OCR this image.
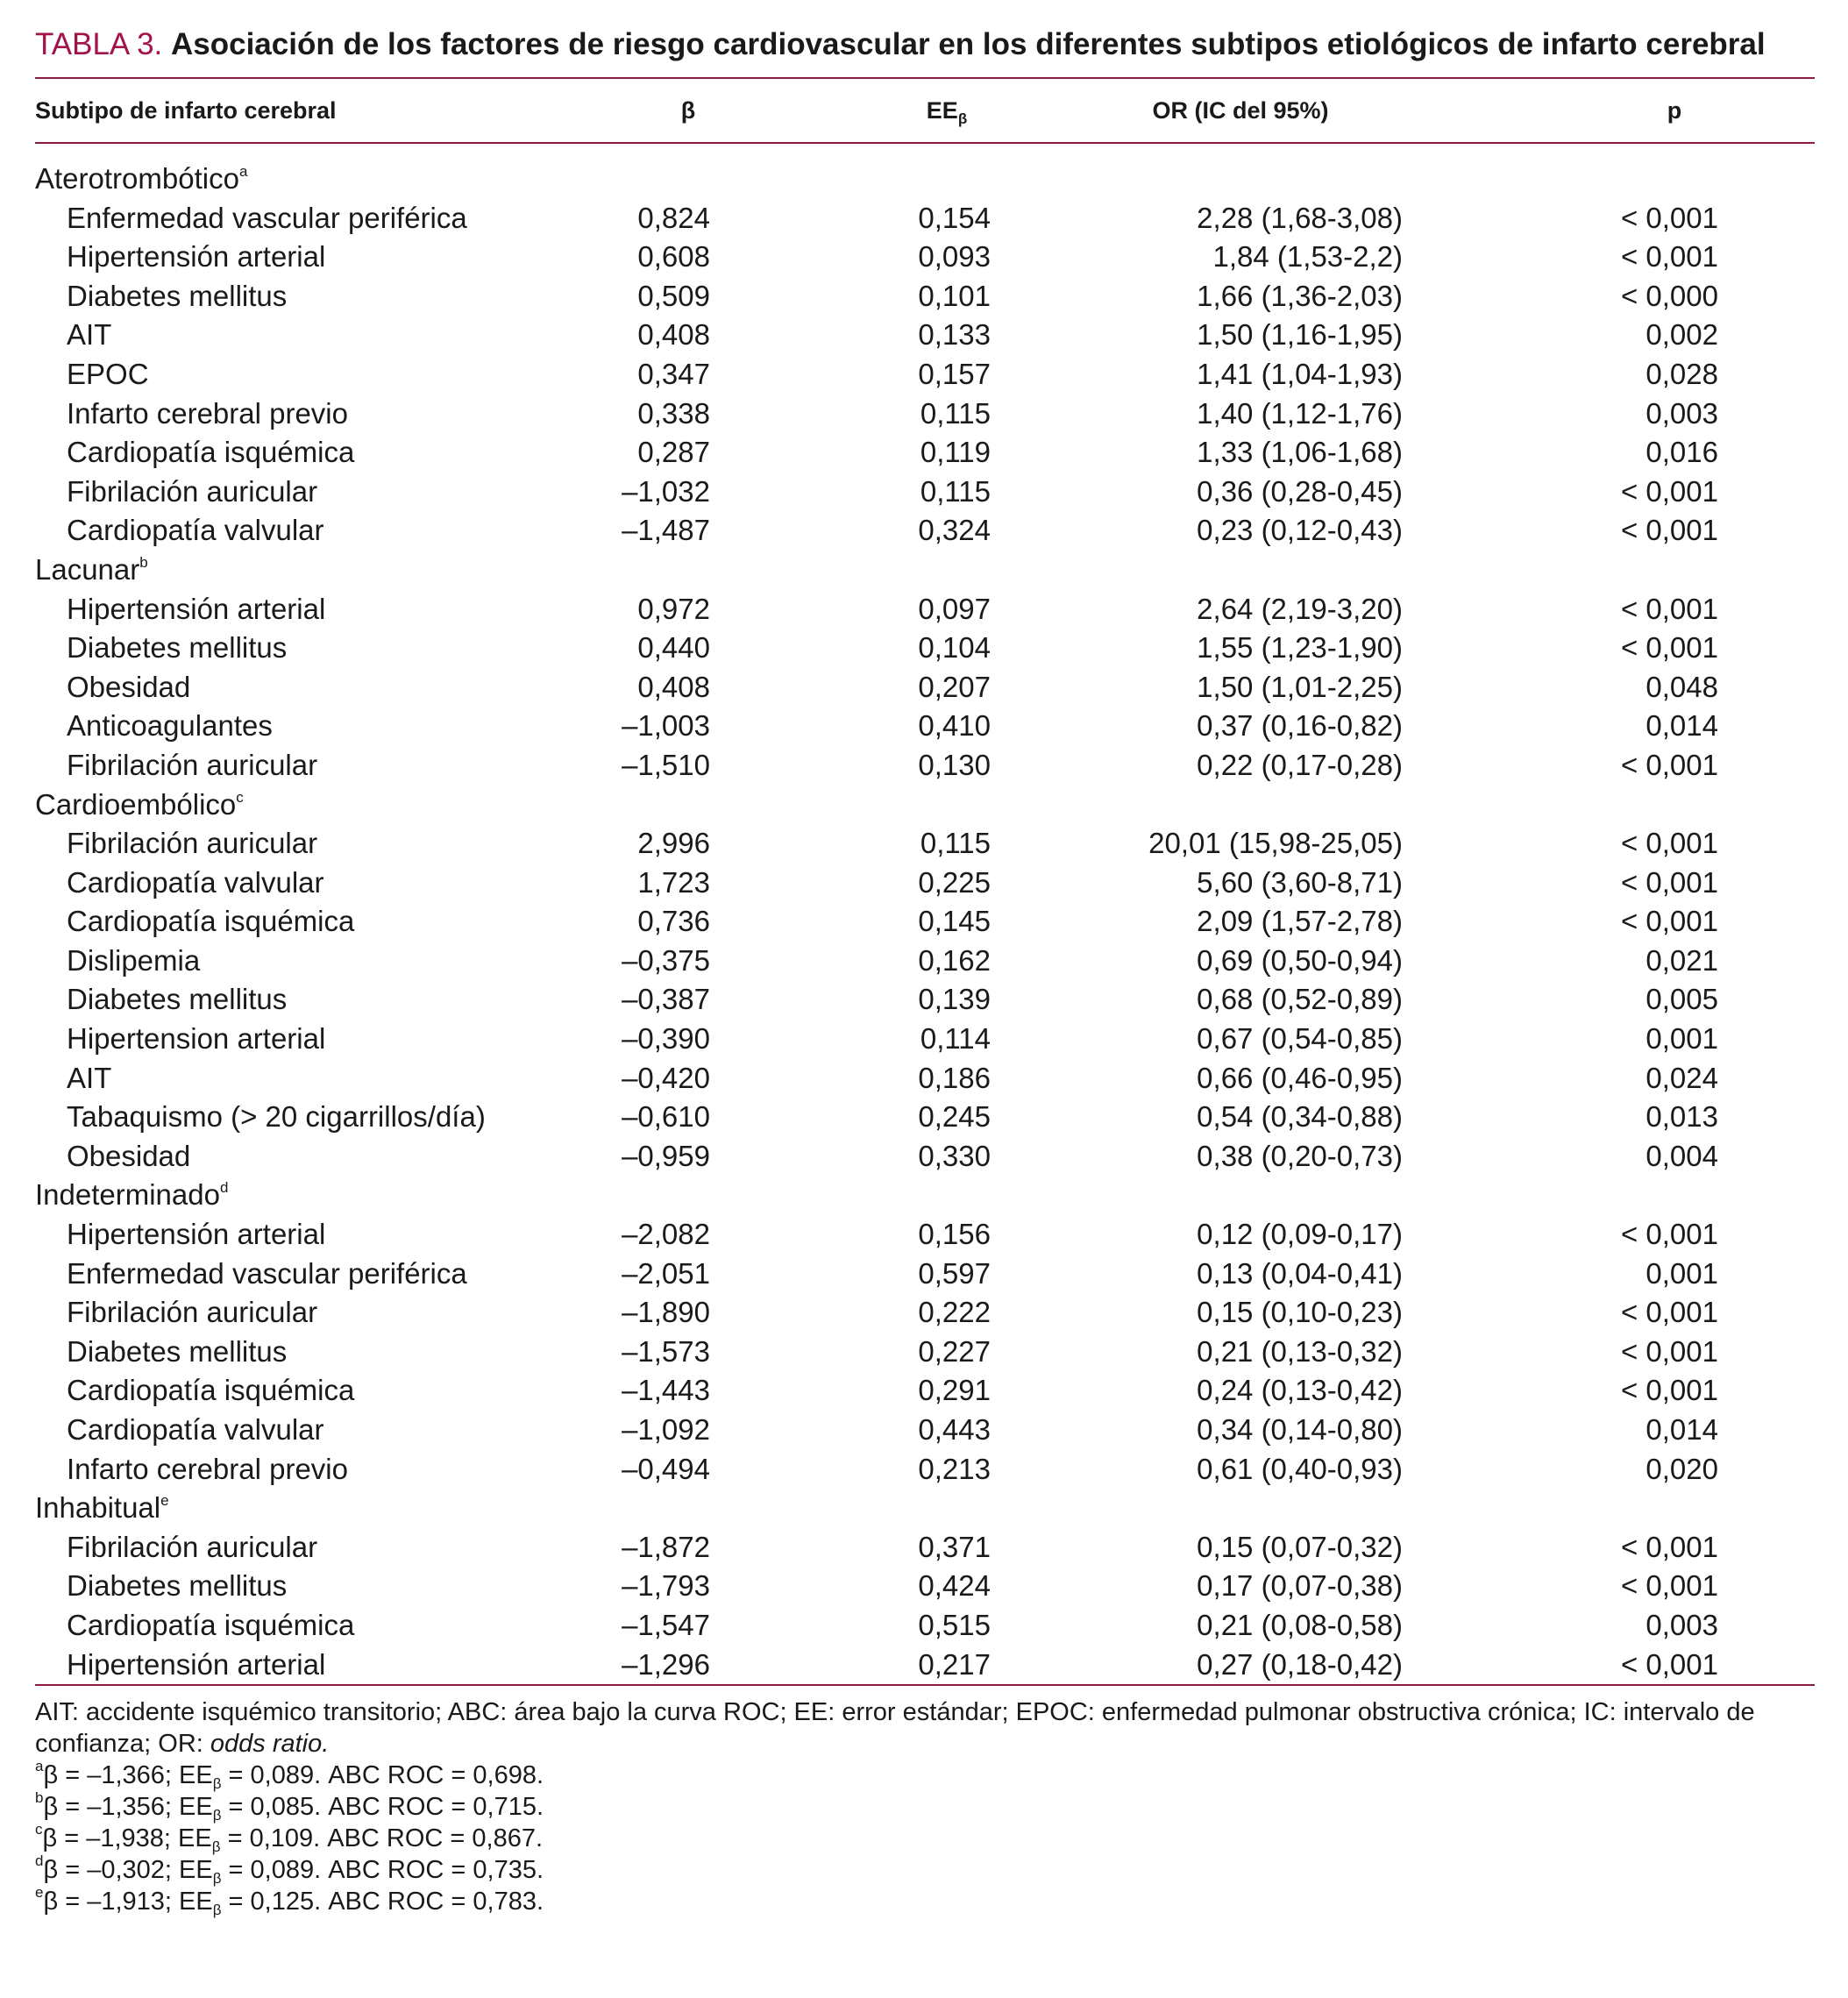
TABLA 3. Asociación de los factores de riesgo cardiovascular en los diferentes subtipos etiológicos de infarto cerebral

Subtipo de infarto cerebral	β	$EE_\beta$	OR (IC del 95%)	p

Aterotrombótico$^a$
Enfermedad vascular periférica	0,824	0,154	2,28 (1,68-3,08)	< 0,001
Hipertensión arterial	0,608	0,093	1,84 (1,53-2,2)	< 0,001
Diabetes mellitus	0,509	0,101	1,66 (1,36-2,03)	< 0,000
AIT	0,408	0,133	1,50 (1,16-1,95)	0,002
EPOC	0,347	0,157	1,41 (1,04-1,93)	0,028
Infarto cerebral previo	0,338	0,115	1,40 (1,12-1,76)	0,003
Cardiopatía isquémica	0,287	0,119	1,33 (1,06-1,68)	0,016
Fibrilación auricular	–1,032	0,115	0,36 (0,28-0,45)	< 0,001
Cardiopatía valvular	–1,487	0,324	0,23 (0,12-0,43)	< 0,001
Lacunar$^b$
Hipertensión arterial	0,972	0,097	2,64 (2,19-3,20)	< 0,001
Diabetes mellitus	0,440	0,104	1,55 (1,23-1,90)	< 0,001
Obesidad	0,408	0,207	1,50 (1,01-2,25)	0,048
Anticoagulantes	–1,003	0,410	0,37 (0,16-0,82)	0,014
Fibrilación auricular	–1,510	0,130	0,22 (0,17-0,28)	< 0,001
Cardioembólico$^c$
Fibrilación auricular	2,996	0,115	20,01 (15,98-25,05)	< 0,001
Cardiopatía valvular	1,723	0,225	5,60 (3,60-8,71)	< 0,001
Cardiopatía isquémica	0,736	0,145	2,09 (1,57-2,78)	< 0,001
Dislipemia	–0,375	0,162	0,69 (0,50-0,94)	0,021
Diabetes mellitus	–0,387	0,139	0,68 (0,52-0,89)	0,005
Hipertension arterial	–0,390	0,114	0,67 (0,54-0,85)	0,001
AIT	–0,420	0,186	0,66 (0,46-0,95)	0,024
Tabaquismo (> 20 cigarrillos/día)	–0,610	0,245	0,54 (0,34-0,88)	0,013
Obesidad	–0,959	0,330	0,38 (0,20-0,73)	0,004
Indeterminado$^d$
Hipertensión arterial	–2,082	0,156	0,12 (0,09-0,17)	< 0,001
Enfermedad vascular periférica	–2,051	0,597	0,13 (0,04-0,41)	0,001
Fibrilación auricular	–1,890	0,222	0,15 (0,10-0,23)	< 0,001
Diabetes mellitus	–1,573	0,227	0,21 (0,13-0,32)	< 0,001
Cardiopatía isquémica	–1,443	0,291	0,24 (0,13-0,42)	< 0,001
Cardiopatía valvular	–1,092	0,443	0,34 (0,14-0,80)	0,014
Infarto cerebral previo	–0,494	0,213	0,61 (0,40-0,93)	0,020
Inhabitual$^e$
Fibrilación auricular	–1,872	0,371	0,15 (0,07-0,32)	< 0,001
Diabetes mellitus	–1,793	0,424	0,17 (0,07-0,38)	< 0,001
Cardiopatía isquémica	–1,547	0,515	0,21 (0,08-0,58)	0,003
Hipertensión arterial	–1,296	0,217	0,27 (0,18-0,42)	< 0,001

AIT: accidente isquémico transitorio; ABC: área bajo la curva ROC; EE: error estándar; EPOC: enfermedad pulmonar obstructiva crónica; IC: intervalo de confianza; OR: odds ratio.

$^a$β = –1,366; $EE_\beta = 0,089$. ABC ROC = 0,698.

$^b$β = –1,356; $EE_\beta = 0,085$. ABC ROC = 0,715.

$^c$β = –1,938; $EE_\beta = 0,109$. ABC ROC = 0,867.

$^d$β = –0,302; $EE_\beta = 0,089$. ABC ROC = 0,735.

$^e$β = –1,913; $EE_\beta = 0,125$. ABC ROC = 0,783.
